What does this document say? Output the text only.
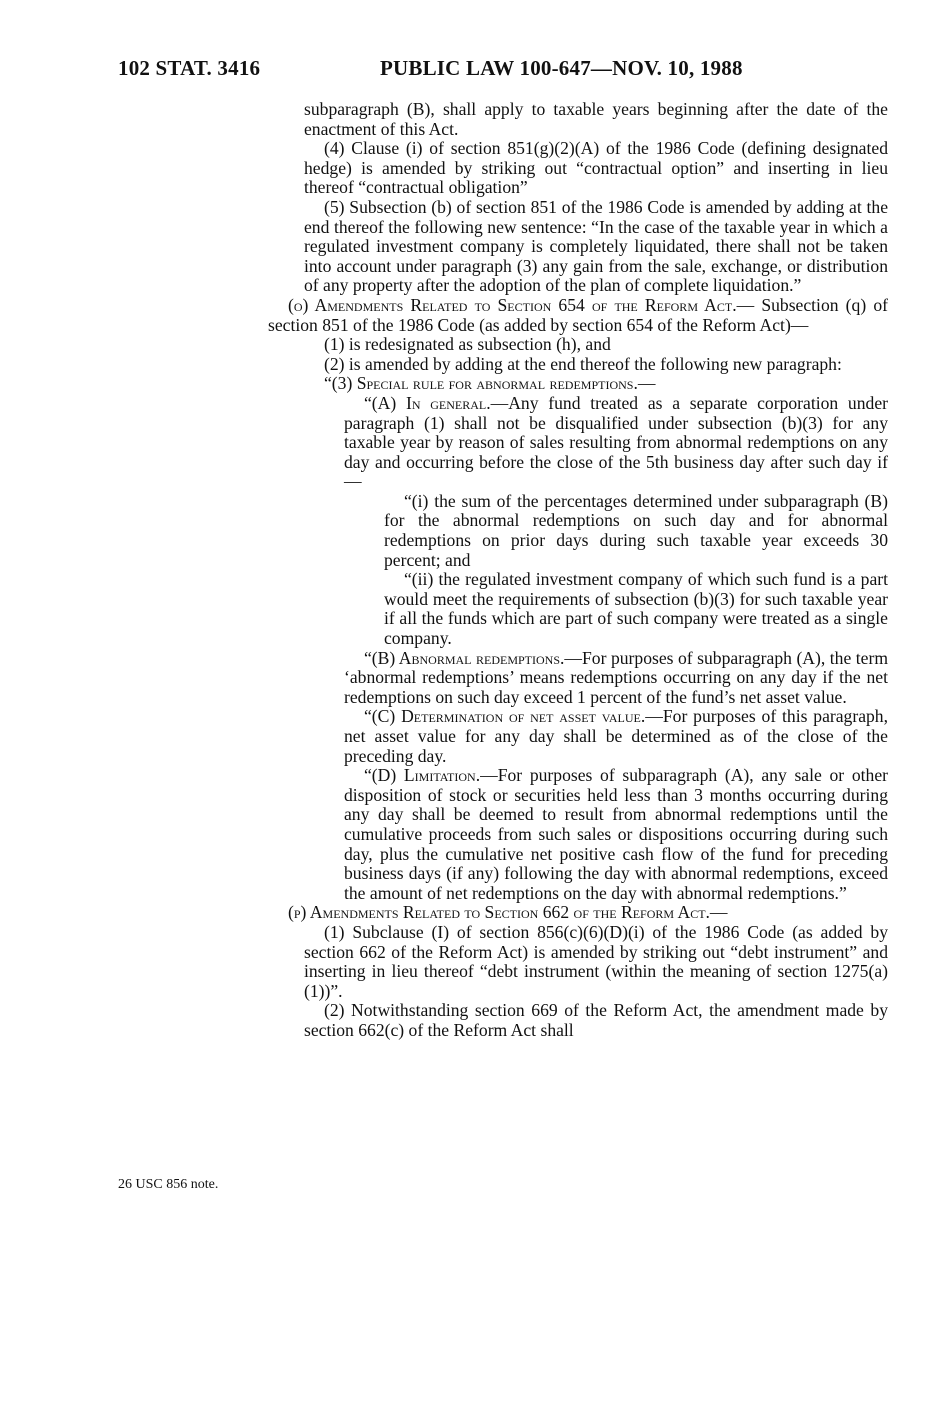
102 STAT. 3416	PUBLIC LAW 100-647—NOV. 10, 1988
26 USC 856 note.

subparagraph (B), shall apply to taxable years beginning after the date of the enactment of this Act.

(4) Clause (i) of section 851(g)(2)(A) of the 1986 Code (defining designated hedge) is amended by striking out “contractual option” and inserting in lieu thereof “contractual obligation”

(5) Subsection (b) of section 851 of the 1986 Code is amended by adding at the end thereof the following new sentence: “In the case of the taxable year in which a regulated investment company is completely liquidated, there shall not be taken into account under paragraph (3) any gain from the sale, exchange, or distribution of any property after the adoption of the plan of complete liquidation.”

(o) Amendments Related to Section 654 of the Reform Act.— Subsection (q) of section 851 of the 1986 Code (as added by section 654 of the Reform Act)—

(1) is redesignated as subsection (h), and

(2) is amended by adding at the end thereof the following new paragraph:

“(3) Special rule for abnormal redemptions.—

“(A) In general.—Any fund treated as a separate corporation under paragraph (1) shall not be disqualified under subsection (b)(3) for any taxable year by reason of sales resulting from abnormal redemptions on any day and occurring before the close of the 5th business day after such day if—

“(i) the sum of the percentages determined under subparagraph (B) for the abnormal redemptions on such day and for abnormal redemptions on prior days during such taxable year exceeds 30 percent; and

“(ii) the regulated investment company of which such fund is a part would meet the requirements of subsection (b)(3) for such taxable year if all the funds which are part of such company were treated as a single company.

“(B) Abnormal redemptions.—For purposes of subparagraph (A), the term ‘abnormal redemptions’ means redemptions occurring on any day if the net redemptions on such day exceed 1 percent of the fund’s net asset value.

“(C) Determination of net asset value.—For purposes of this paragraph, net asset value for any day shall be determined as of the close of the preceding day.

“(D) Limitation.—For purposes of subparagraph (A), any sale or other disposition of stock or securities held less than 3 months occurring during any day shall be deemed to result from abnormal redemptions until the cumulative proceeds from such sales or dispositions occurring during such day, plus the cumulative net positive cash flow of the fund for preceding business days (if any) following the day with abnormal redemptions, exceed the amount of net redemptions on the day with abnormal redemptions.”

(p) Amendments Related to Section 662 of the Reform Act.—

(1) Subclause (I) of section 856(c)(6)(D)(i) of the 1986 Code (as added by section 662 of the Reform Act) is amended by striking out “debt instrument” and inserting in lieu thereof “debt instrument (within the meaning of section 1275(a)(1))”.

(2) Notwithstanding section 669 of the Reform Act, the amendment made by section 662(c) of the Reform Act shall
